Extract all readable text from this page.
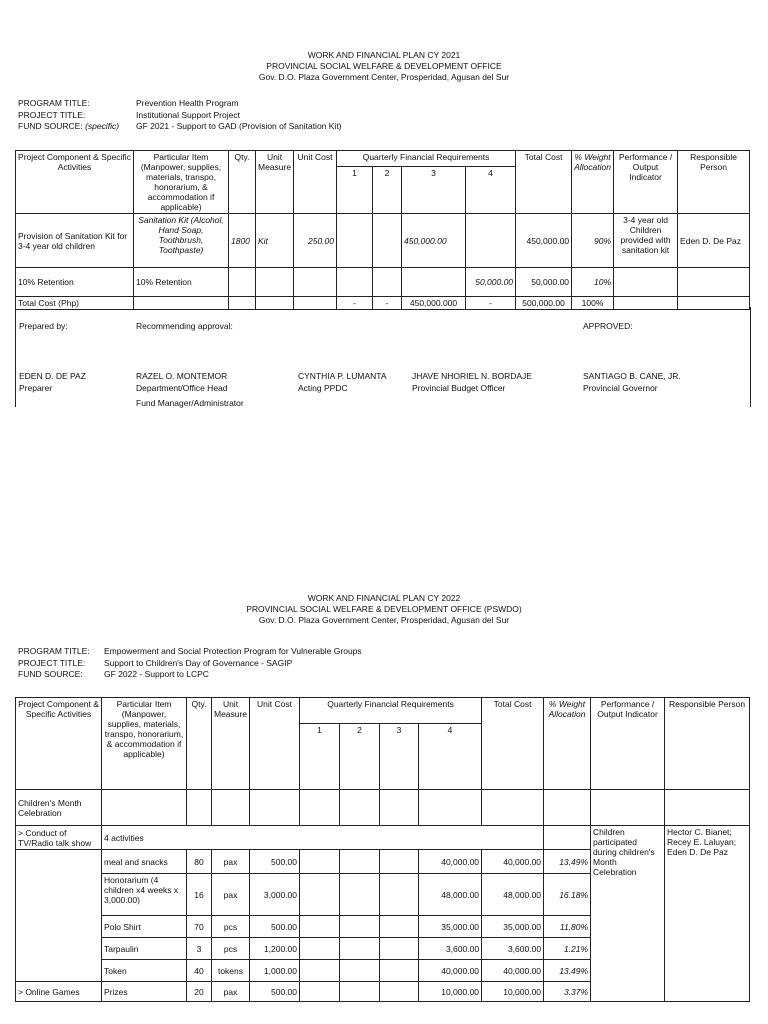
WORK AND FINANCIAL PLAN CY 2021
PROVINCIAL SOCIAL WELFARE & DEVELOPMENT OFFICE
Gov. D.O. Plaza Government Center, Prosperidad, Agusan del Sur
PROGRAM TITLE:	Prevention Health Program
PROJECT TITLE:	Institutional Support Project
FUND SOURCE: (specific)	GF 2021 - Support to GAD (Provision of Sanitation Kit)
Project Component & Specific Activities	Particular Item (Manpower, supplies, materials, transpo, honorarium, & accommodation if applicable)	Qty.	Unit Measure	Unit Cost	Quarterly Financial Requirements				Total Cost	% Weight Allocation	Performance / Output Indicator	Responsible Person
					1	2	3	4				
Provision of Sanitation Kit for 3-4 year old children	Sanitation Kit (Alcohol, Hand Soap, Toothbrush, Toothpaste)	1800	Kit	250.00			450,000.00		450,000.00	90%	3-4 year old Children provided with sanitation kit	Eden D. De Paz
10% Retention	10% Retention							50,000.00	50,000.00	10%		
Total Cost (Php)					-	-	450,000.000	-	500,000.00	100%		
Prepared by:	Recommending approval:	APPROVED:
EDEN D. DE PAZ
Preparer
RAZEL O. MONTEMOR
Department/Office Head
Fund Manager/Administrator
CYNTHIA P. LUMANTA
Acting PPDC
JHAVE NHORIEL N. BORDAJE
Provincial Budget Officer
SANTIAGO B. CANE, JR.
Provincial Governor
WORK AND FINANCIAL PLAN CY 2022
PROVINCIAL SOCIAL WELFARE & DEVELOPMENT OFFICE (PSWDO)
Gov. D.O. Plaza Government Center, Prosperidad, Agusan del Sur
PROGRAM TITLE:	Empowerment and Social Protection Program for Vulnerable Groups
PROJECT TITLE:	Support to Children's Day of Governance - SAGIP
FUND SOURCE:	GF 2022 - Support to LCPC
Project Component & Specific Activities	Particular Item (Manpower, supplies, materials, transpo, honorarium, & accommodation if applicable)	Qty.	Unit Measure	Unit Cost	Quarterly Financial Requirements				Total Cost	% Weight Allocation	Performance / Output Indicator	Responsible Person
					1	2	3	4				
Children's Month Celebration												
> Conduct of TV/Radio talk show	4 activities										Children participated during children's Month Celebration	Hector C. Bianet; Recey E. Laluyan; Eden D. De Paz
	meal and snacks	80	pax	500.00				40,000.00	40,000.00	13.49%		
	Honorarium (4 children x4 weeks x 3,000.00)	16	pax	3,000.00				48,000.00	48,000.00	16.18%		
	Polo Shirt	70	pcs	500.00				35,000.00	35,000.00	11.80%		
	Tarpaulin	3	pcs	1,200.00				3,600.00	3,600.00	1.21%		
	Token	40	tokens	1,000.00				40,000.00	40,000.00	13.49%		
> Online Games	Prizes	20	pax	500.00				10,000.00	10,000.00	3.37%		
